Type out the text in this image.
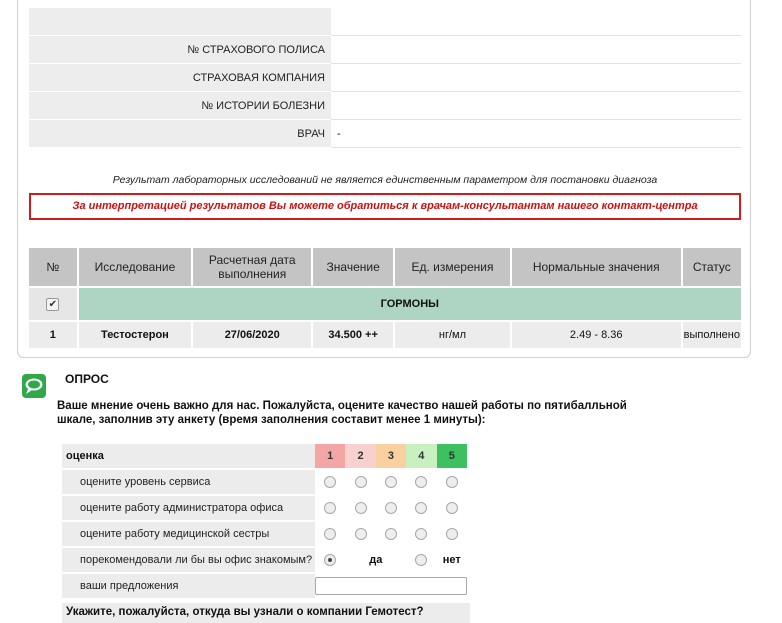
№ СТРАХОВОГО ПОЛИСА	
СТРАХОВАЯ КОМПАНИЯ	
№ ИСТОРИИ БОЛЕЗНИ	
ВРАЧ	-
Результат лабораторных исследований не является единственным параметром для постановки диагноза
За интерпретацией результатов Вы можете обратиться к врачам-консультантам нашего контакт-центра
№	Исследование	Расчетная дата выполнения	Значение	Ед. измерения	Нормальные значения	Статус
✔	ГОРМОНЫ					
1	Тестостерон	27/06/2020	34.500 ++	нг/мл	2.49 - 8.36	выполнено
ОПРОС
Ваше мнение очень важно для нас. Пожалуйста, оцените качество нашей работы по пятибалльной шкале, заполнив эту анкету (время заполнения составит менее 1 минуты):
оценка	1	2	3	4	5
оцените уровень сервиса					
оцените работу администратора офиса					
оцените работу медицинской сестры					
порекомендовали ли бы вы офис знакомым?		да			нет
ваши предложения	
Укажите, пожалуйста, откуда вы узнали о компании Гемотест?
